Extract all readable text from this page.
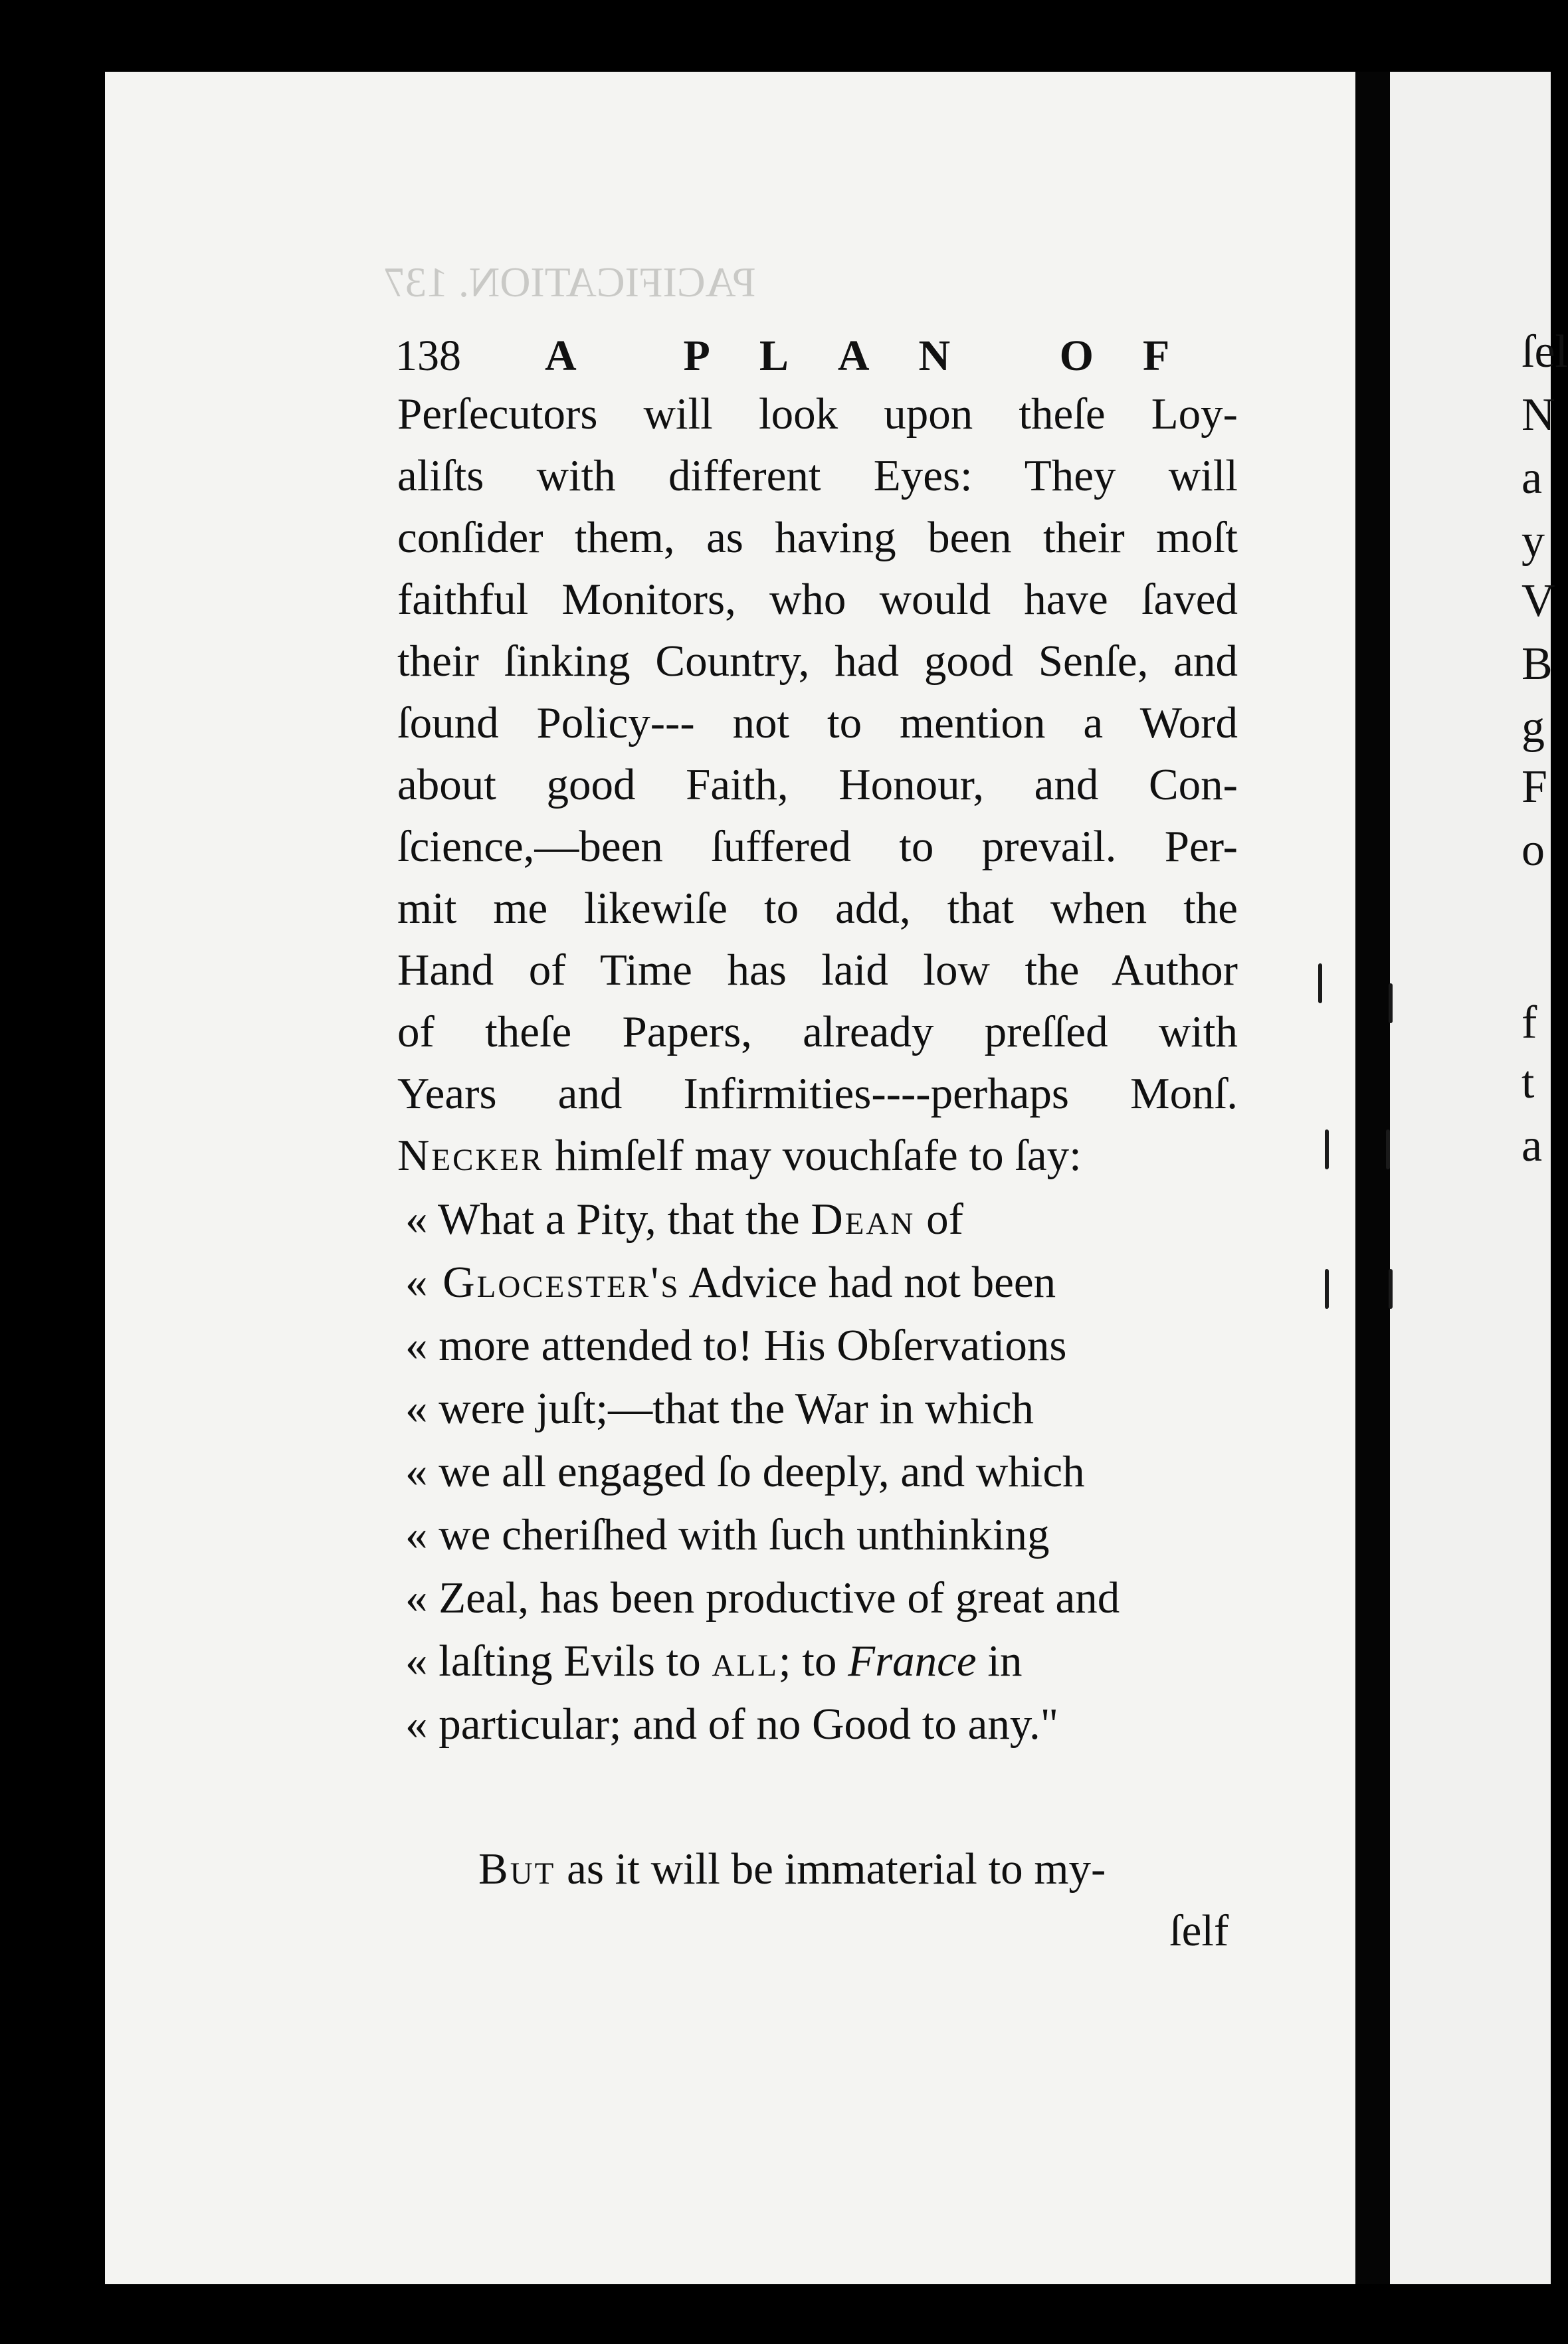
PACIFICATION. 137
ſel
N
a
y
V
B
g
F
o
f
t
a
138 A PLAN OF
Perſecutors will look upon theſe Loy-
aliſts with different Eyes: They will
conſider them, as having been their moſt
faithful Monitors, who would have ſaved
their ſinking Country, had good Senſe, and
ſound Policy--- not to mention a Word
about good Faith, Honour, and Con-
ſcience,—been ſuffered to prevail. Per-
mit me likewiſe to add, that when the
Hand of Time has laid low the Author
of theſe Papers, already preſſed with
Years and Infirmities----perhaps Monſ.
Necker himſelf may vouchſafe to ſay:
« What a Pity, that the Dean of
« Glocester's Advice had not been
« more attended to! His Obſervations
« were juſt;—that the War in which
« we all engaged ſo deeply, and which
« we cheriſhed with ſuch unthinking
« Zeal, has been productive of great and
« laſting Evils to all; to France in
« particular; and of no Good to any."
But as it will be immaterial to my-
ſelf
